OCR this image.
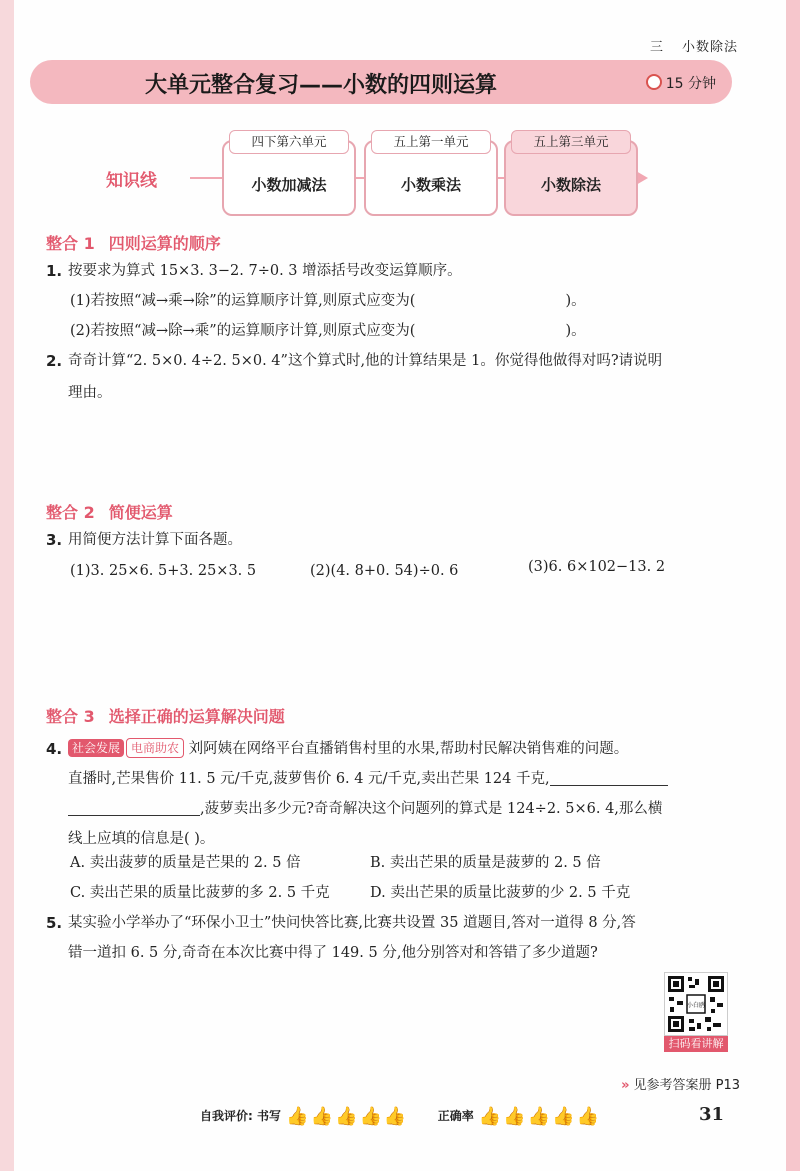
三 小数除法
大单元整合复习——小数的四则运算	15 分钟
知识线
四下第六单元
小数加减法
五上第一单元
小数乘法
五上第三单元
小数除法
整合 1 四则运算的顺序
1. 按要求为算式 15×3. 3−2. 7÷0. 3 增添括号改变运算顺序。
(1)若按照“减→乘→除”的运算顺序计算,则原式应变为(	)。
(2)若按照“减→除→乘”的运算顺序计算,则原式应变为(	)。
2. 奇奇计算“2. 5×0. 4÷2. 5×0. 4”这个算式时,他的计算结果是 1。你觉得他做得对吗?请说明
理由。
整合 2 简便运算
3. 用简便方法计算下面各题。
(1)3. 25×6. 5+3. 25×3. 5	(2)(4. 8+0. 54)÷0. 6	(3)6. 6×102−13. 2
整合 3 选择正确的运算解决问题
4. 社会发展 电商助农 刘阿姨在网络平台直播销售村里的水果,帮助村民解决销售难的问题。
直播时,芒果售价 11. 5 元/千克,菠萝售价 6. 4 元/千克,卖出芒果 124 千克,
,菠萝卖出多少元?奇奇解决这个问题列的算式是 124÷2. 5×6. 4,那么横
线上应填的信息是( )。
A. 卖出菠萝的质量是芒果的 2. 5 倍	B. 卖出芒果的质量是菠萝的 2. 5 倍
C. 卖出芒果的质量比菠萝的多 2. 5 千克	D. 卖出芒果的质量比菠萝的少 2. 5 千克
5. 某实验小学举办了“环保小卫士”快问快答比赛,比赛共设置 35 道题目,答对一道得 8 分,答
错一道扣 6. 5 分,奇奇在本次比赛中得了 149. 5 分,他分别答对和答错了多少道题?
小白鸥
扫码看讲解
» 见参考答案册 P13
自我评价: 书写 👍 👍 👍 👍 👍	正确率 👍 👍 👍 👍 👍	31
